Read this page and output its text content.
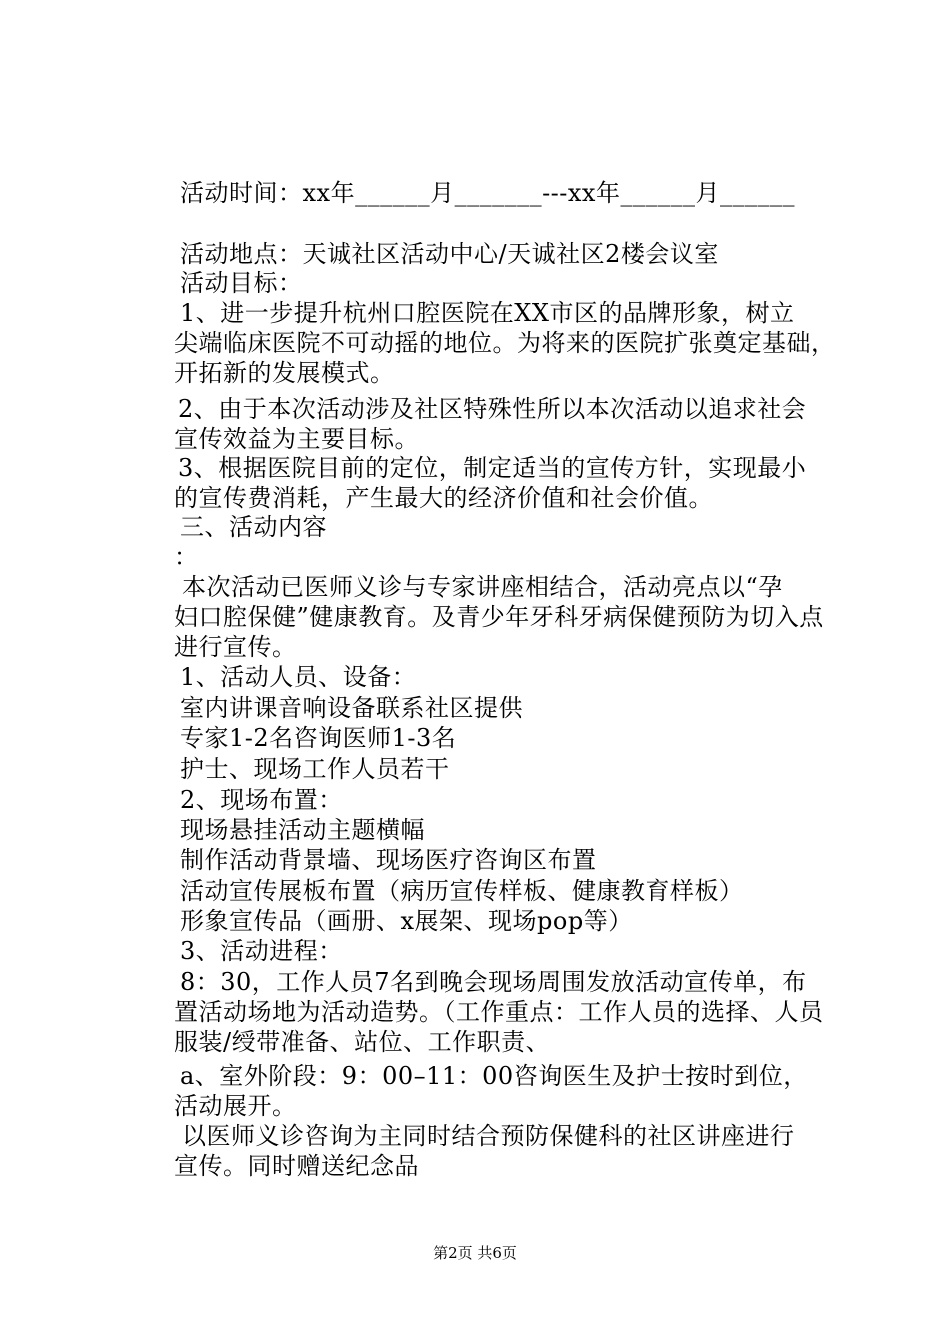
活动时间：xx年______月_______---xx年______月______
活动地点：天诚社区活动中心/天诚社区2楼会议室
活动目标：
1、进一步提升杭州口腔医院在XX市区的品牌形象，树立
尖端临床医院不可动摇的地位。为将来的医院扩张奠定基础，
开拓新的发展模式。
2、由于本次活动涉及社区特殊性所以本次活动以追求社会
宣传效益为主要目标。
3、根据医院目前的定位，制定适当的宣传方针，实现最小
的宣传费消耗，产生最大的经济价值和社会价值。
三、活动内容
：
本次活动已医师义诊与专家讲座相结合，活动亮点以“孕
妇口腔保健”健康教育。及青少年牙科牙病保健预防为切入点
进行宣传。
1、活动人员、设备：
室内讲课音响设备联系社区提供
专家1-2名咨询医师1-3名
护士、现场工作人员若干
2、现场布置：
现场悬挂活动主题横幅
制作活动背景墙、现场医疗咨询区布置
活动宣传展板布置（病历宣传样板、健康教育样板）
形象宣传品（画册、x展架、现场pop等）
3、活动进程：
8：30，工作人员7名到晚会现场周围发放活动宣传单，布
置活动场地为活动造势。（工作重点：工作人员的选择、人员
服装/绶带准备、站位、工作职责、
a、室外阶段：9：00–11：00咨询医生及护士按时到位，
活动展开。
以医师义诊咨询为主同时结合预防保健科的社区讲座进行
宣传。同时赠送纪念品
第2页 共6页
